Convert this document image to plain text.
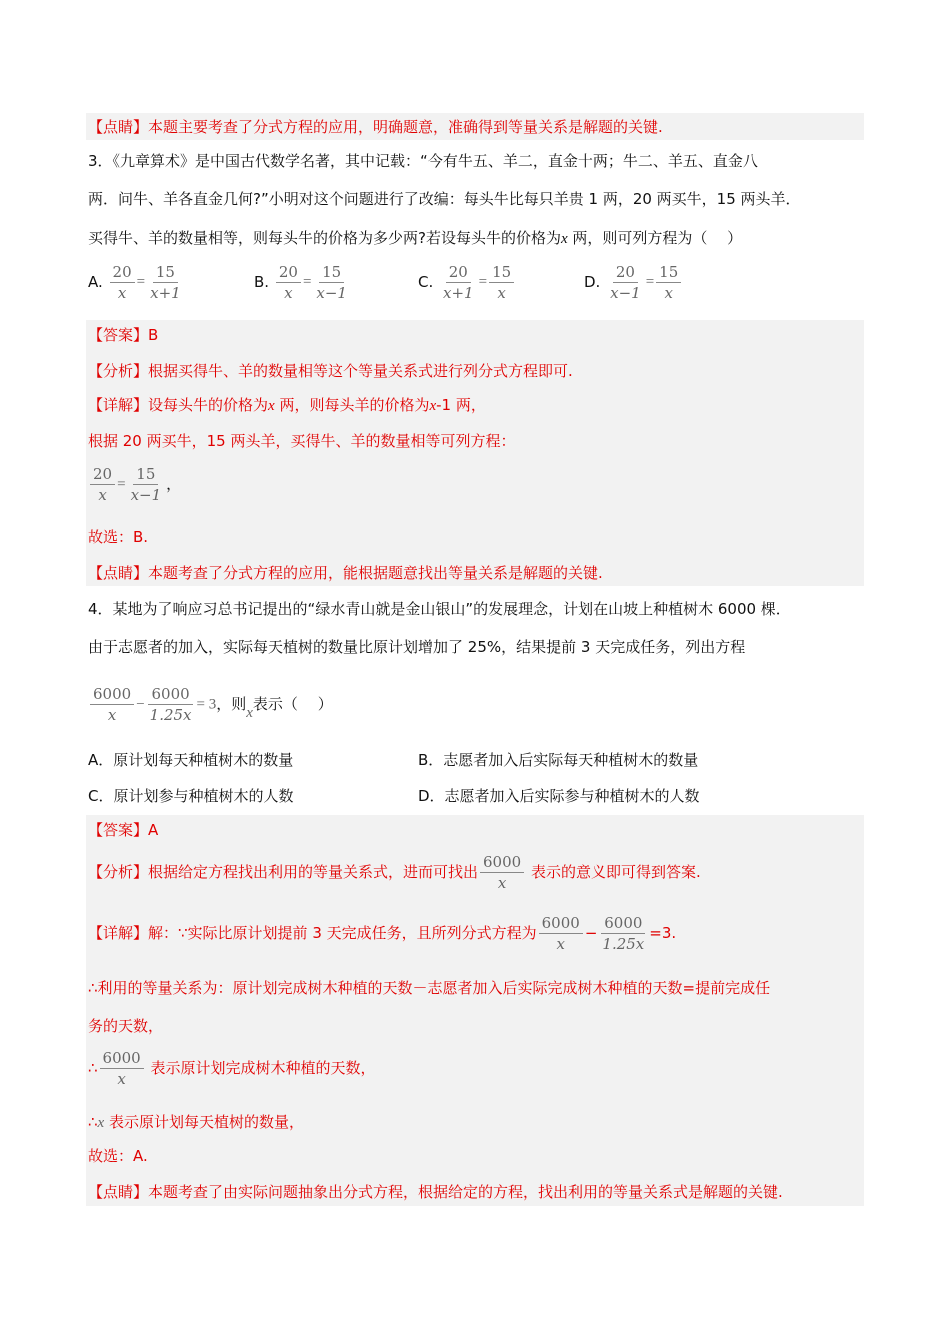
【点睛】本题主要考查了分式方程的应用，明确题意，准确得到等量关系是解题的关键.
3．《九章算术》是中国古代数学名著，其中记载：“今有牛五、羊二，直金十两；牛二、羊五、直金八
两．问牛、羊各直金几何?”小明对这个问题进行了改编：每头牛比每只羊贵 1 两，20 两买牛，15 两头羊．
买得牛、羊的数量相等，则每头牛的价格为多少两?若设每头牛的价格为x 两，则可列方程为（　 ）
A. $\frac{20}{x} = \frac{15}{x+1}$	B. $\frac{20}{x} = \frac{15}{x-1}$	C. $\frac{20}{x+1} = \frac{15}{x}$	D. $\frac{20}{x-1} = \frac{15}{x}$
【答案】B
【分析】根据买得牛、羊的数量相等这个等量关系式进行列分式方程即可.
【详解】设每头牛的价格为x 两，则每头羊的价格为x-1 两，
根据 20 两买牛，15 两头羊，买得牛、羊的数量相等可列方程：
$\frac{20}{x} = \frac{15}{x-1}$ ，
故选：B.
【点睛】本题考查了分式方程的应用，能根据题意找出等量关系是解题的关键.
4．某地为了响应习总书记提出的“绿水青山就是金山银山”的发展理念，计划在山坡上种植树木 6000 棵．
由于志愿者的加入，实际每天植树的数量比原计划增加了 25%，结果提前 3 天完成任务，列出方程
$\frac{6000}{x} - \frac{6000}{1.25x} = 3$，则x表示（　 ）
A．原计划每天种植树木的数量	B．志愿者加入后实际每天种植树木的数量
C．原计划参与种植树木的人数	D．志愿者加入后实际参与种植树木的人数
【答案】A
【分析】根据给定方程找出利用的等量关系式，进而可找出 $\frac{6000}{x}$ 表示的意义即可得到答案.
【详解】解：∵实际比原计划提前 3 天完成任务，且所列分式方程为 $\frac{6000}{x} - \frac{6000}{1.25x} =3$.
∴利用的等量关系为：原计划完成树木种植的天数－志愿者加入后实际完成树木种植的天数=提前完成任
务的天数，
∴ $\frac{6000}{x}$ 表示原计划完成树木种植的天数，
∴x 表示原计划每天植树的数量，
故选：A.
【点睛】本题考查了由实际问题抽象出分式方程，根据给定的方程，找出利用的等量关系式是解题的关键.
